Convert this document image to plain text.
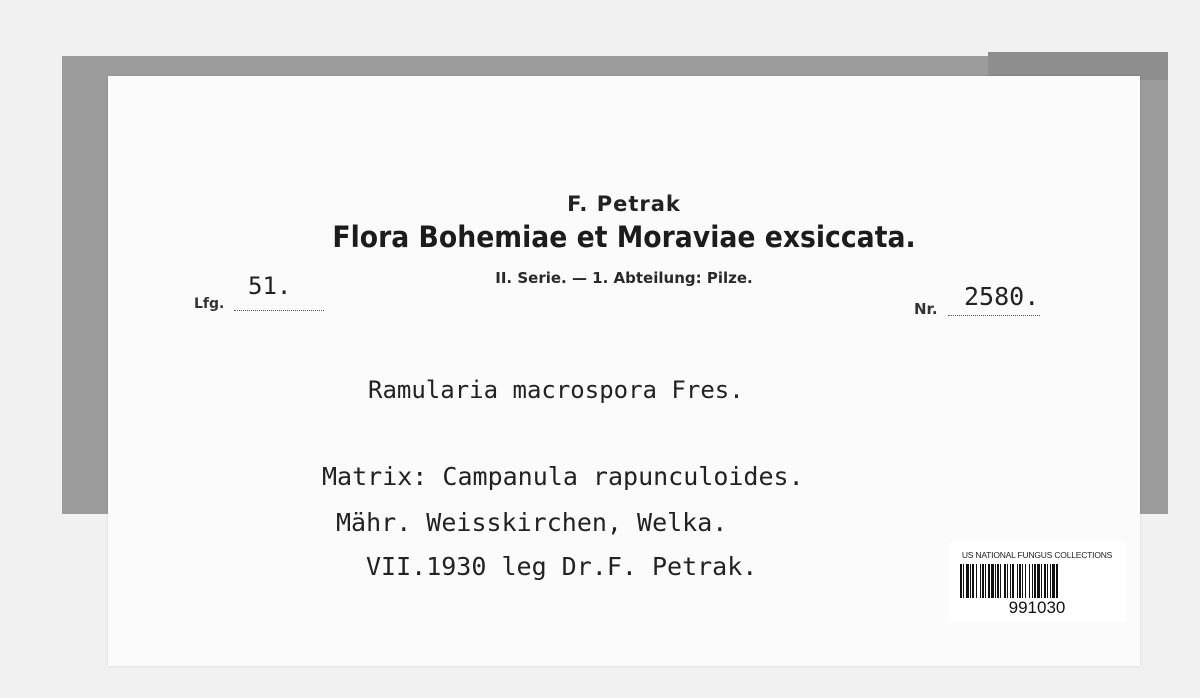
F. Petrak
Flora Bohemiae et Moraviae exsiccata.
II. Serie. — 1. Abteilung: Pilze.
Lfg.
51.
Nr. 2580.
Ramularia macrospora Fres.
Matrix: Campanula rapunculoides.
Mähr. Weisskirchen, Welka.
VII.1930 leg Dr.F. Petrak.	US NATIONAL FUNGUS COLLECTIONS
991030
